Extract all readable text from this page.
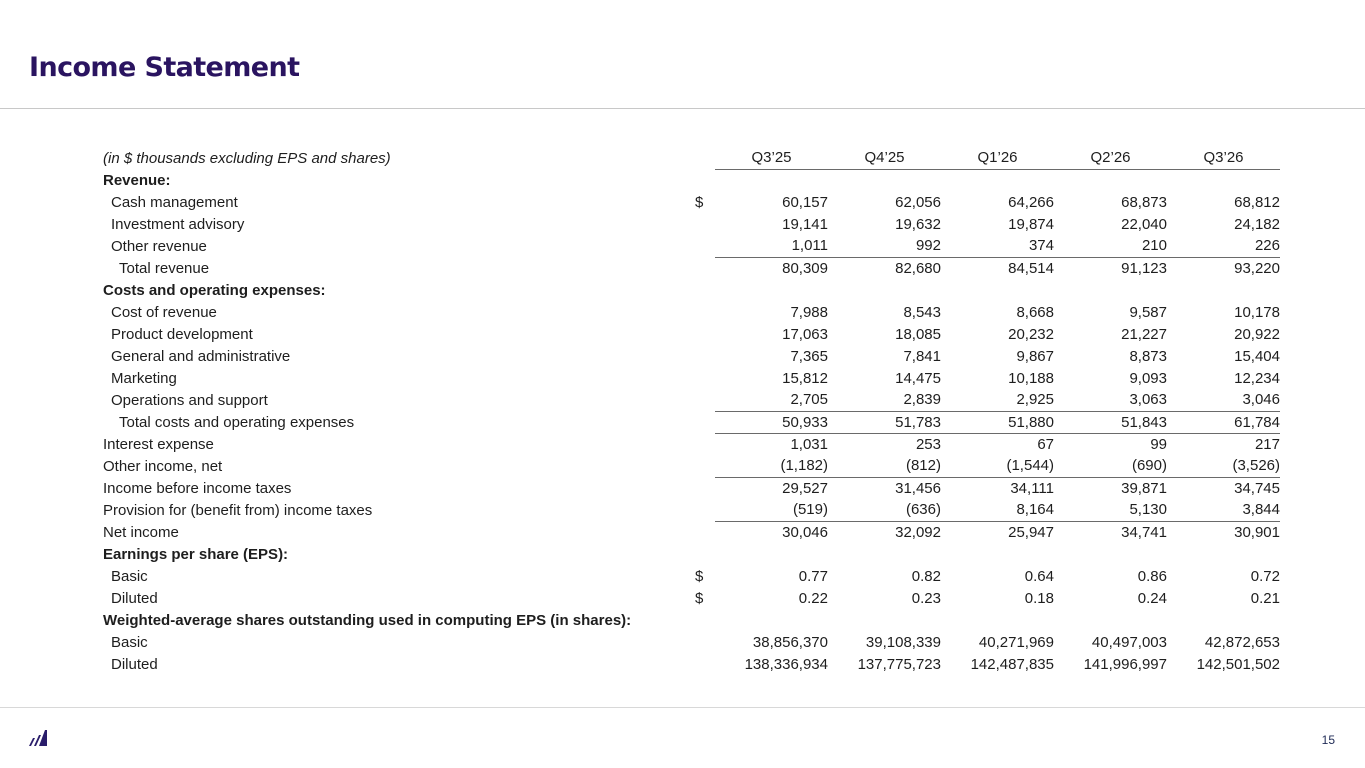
Income Statement
(in $ thousands excluding EPS and shares)		Q3’25	Q4’25	Q1’26	Q2’26	Q3’26
Revenue:						
Cash management	$	60,157	62,056	64,266	68,873	68,812
Investment advisory		19,141	19,632	19,874	22,040	24,182
Other revenue		1,011	992	374	210	226
Total revenue		80,309	82,680	84,514	91,123	93,220
Costs and operating expenses:						
Cost of revenue		7,988	8,543	8,668	9,587	10,178
Product development		17,063	18,085	20,232	21,227	20,922
General and administrative		7,365	7,841	9,867	8,873	15,404
Marketing		15,812	14,475	10,188	9,093	12,234
Operations and support		2,705	2,839	2,925	3,063	3,046
Total costs and operating expenses		50,933	51,783	51,880	51,843	61,784
Interest expense		1,031	253	67	99	217
Other income, net		(1,182)	(812)	(1,544)	(690)	(3,526)
Income before income taxes		29,527	31,456	34,111	39,871	34,745
Provision for (benefit from) income taxes		(519)	(636)	8,164	5,130	3,844
Net income		30,046	32,092	25,947	34,741	30,901
Earnings per share (EPS):						
Basic	$	0.77	0.82	0.64	0.86	0.72
Diluted	$	0.22	0.23	0.18	0.24	0.21
Weighted-average shares outstanding used in computing EPS (in shares):						
Basic		38,856,370	39,108,339	40,271,969	40,497,003	42,872,653
Diluted		138,336,934	137,775,723	142,487,835	141,996,997	142,501,502
15
